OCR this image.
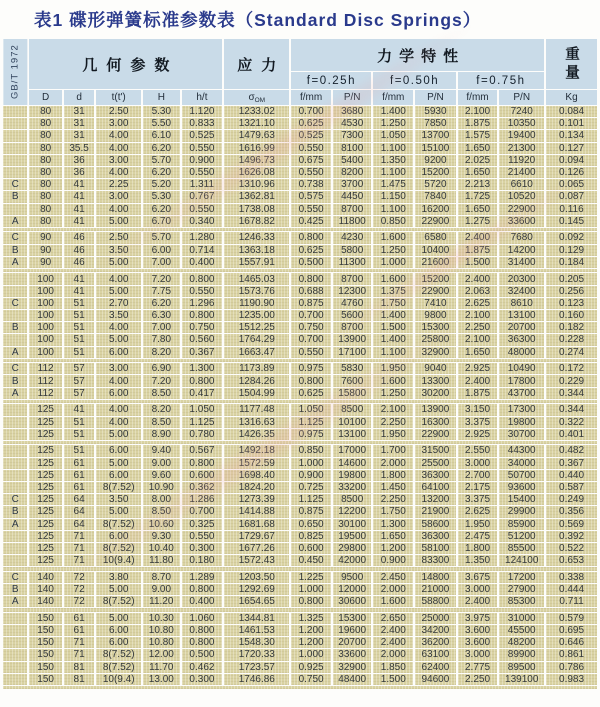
表1 碟形弹簧标准参数表（Standard Disc Springs）
GB/T 1972	几何参数					应力	力学特性						重量
							f=0.25h		f=0.50h		f=0.75h		
	D	d	t(t')	H	h/t	$\sigma_{OM}$	f/mm	P/N	f/mm	P/N	f/mm	P/N	Kg
	80	31	2.50	5.30	1.120	1233.02	0.700	3680	1.400	5930	2.100	7240	0.084
	80	31	3.00	5.50	0.833	1321.10	0.625	4530	1.250	7850	1.875	10350	0.101
	80	31	4.00	6.10	0.525	1479.63	0.525	7300	1.050	13700	1.575	19400	0.134
	80	35.5	4.00	6.20	0.550	1616.99	0.550	8100	1.100	15100	1.650	21300	0.127
	80	36	3.00	5.70	0.900	1496.73	0.675	5400	1.350	9200	2.025	11920	0.094
	80	36	4.00	6.20	0.550	1626.08	0.550	8200	1.100	15200	1.650	21400	0.126
C	80	41	2.25	5.20	1.311	1310.96	0.738	3700	1.475	5720	2.213	6610	0.065
B	80	41	3.00	5.30	0.767	1362.81	0.575	4450	1.150	7840	1.725	10520	0.087
	80	41	4.00	6.20	0.550	1738.08	0.550	8700	1.100	16200	1.650	22900	0.116
A	80	41	5.00	6.70	0.340	1678.82	0.425	11800	0.850	22900	1.275	33600	0.145

C	90	46	2.50	5.70	1.280	1246.33	0.800	4230	1.600	6580	2.400	7680	0.092
B	90	46	3.50	6.00	0.714	1363.18	0.625	5800	1.250	10400	1.875	14200	0.129
A	90	46	5.00	7.00	0.400	1557.91	0.500	11300	1.000	21600	1.500	31400	0.184

	100	41	4.00	7.20	0.800	1465.03	0.800	8700	1.600	15200	2.400	20300	0.205
	100	41	5.00	7.75	0.550	1573.76	0.688	12300	1.375	22900	2.063	32400	0.256
C	100	51	2.70	6.20	1.296	1190.90	0.875	4760	1.750	7410	2.625	8610	0.123
	100	51	3.50	6.30	0.800	1235.00	0.700	5600	1.400	9800	2.100	13100	0.160
B	100	51	4.00	7.00	0.750	1512.25	0.750	8700	1.500	15300	2.250	20700	0.182
	100	51	5.00	7.80	0.560	1764.29	0.700	13900	1.400	25800	2.100	36300	0.228
A	100	51	6.00	8.20	0.367	1663.47	0.550	17100	1.100	32900	1.650	48000	0.274

C	112	57	3.00	6.90	1.300	1173.89	0.975	5830	1.950	9040	2.925	10490	0.172
B	112	57	4.00	7.20	0.800	1284.26	0.800	7600	1.600	13300	2.400	17800	0.229
A	112	57	6.00	8.50	0.417	1504.99	0.625	15800	1.250	30200	1.875	43700	0.344

	125	41	4.00	8.20	1.050	1177.48	1.050	8500	2.100	13900	3.150	17300	0.344
	125	51	4.00	8.50	1.125	1316.63	1.125	10100	2.250	16300	3.375	19800	0.322
	125	51	5.00	8.90	0.780	1426.35	0.975	13100	1.950	22900	2.925	30700	0.401

	125	51	6.00	9.40	0.567	1492.18	0.850	17000	1.700	31500	2.550	44300	0.482
	125	61	5.00	9.00	0.800	1572.59	1.000	14600	2.000	25500	3.000	34000	0.367
	125	61	6.00	9.60	0.600	1698.40	0.900	19800	1.800	36300	2.700	50700	0.440
	125	61	8(7.52)	10.90	0.362	1824.20	0.725	33200	1.450	64100	2.175	93600	0.587
C	125	64	3.50	8.00	1.286	1273.39	1.125	8500	2.250	13200	3.375	15400	0.249
B	125	64	5.00	8.50	0.700	1414.88	0.875	12200	1.750	21900	2.625	29900	0.356
A	125	64	8(7.52)	10.60	0.325	1681.68	0.650	30100	1.300	58600	1.950	85900	0.569
	125	71	6.00	9.30	0.550	1729.67	0.825	19500	1.650	36300	2.475	51200	0.392
	125	71	8(7.52)	10.40	0.300	1677.26	0.600	29800	1.200	58100	1.800	85500	0.522
	125	71	10(9.4)	11.80	0.180	1572.43	0.450	42000	0.900	83300	1.350	124100	0.653

C	140	72	3.80	8.70	1.289	1203.50	1.225	9500	2.450	14800	3.675	17200	0.338
B	140	72	5.00	9.00	0.800	1292.69	1.000	12000	2.000	21000	3.000	27900	0.444
A	140	72	8(7.52)	11.20	0.400	1654.65	0.800	30600	1.600	58800	2.400	85300	0.711

	150	61	5.00	10.30	1.060	1344.81	1.325	15300	2.650	25000	3.975	31000	0.579
	150	61	6.00	10.80	0.800	1461.53	1.200	19600	2.400	34200	3.600	45500	0.695
	150	71	6.00	10.80	0.800	1548.30	1.200	20700	2.400	36200	3.600	48200	0.646
	150	71	8(7.52)	12.00	0.500	1720.33	1.000	33600	2.000	63100	3.000	89900	0.861
	150	81	8(7.52)	11.70	0.462	1723.57	0.925	32900	1.850	62400	2.775	89500	0.786
	150	81	10(9.4)	13.00	0.300	1746.86	0.750	48400	1.500	94600	2.250	139100	0.983
